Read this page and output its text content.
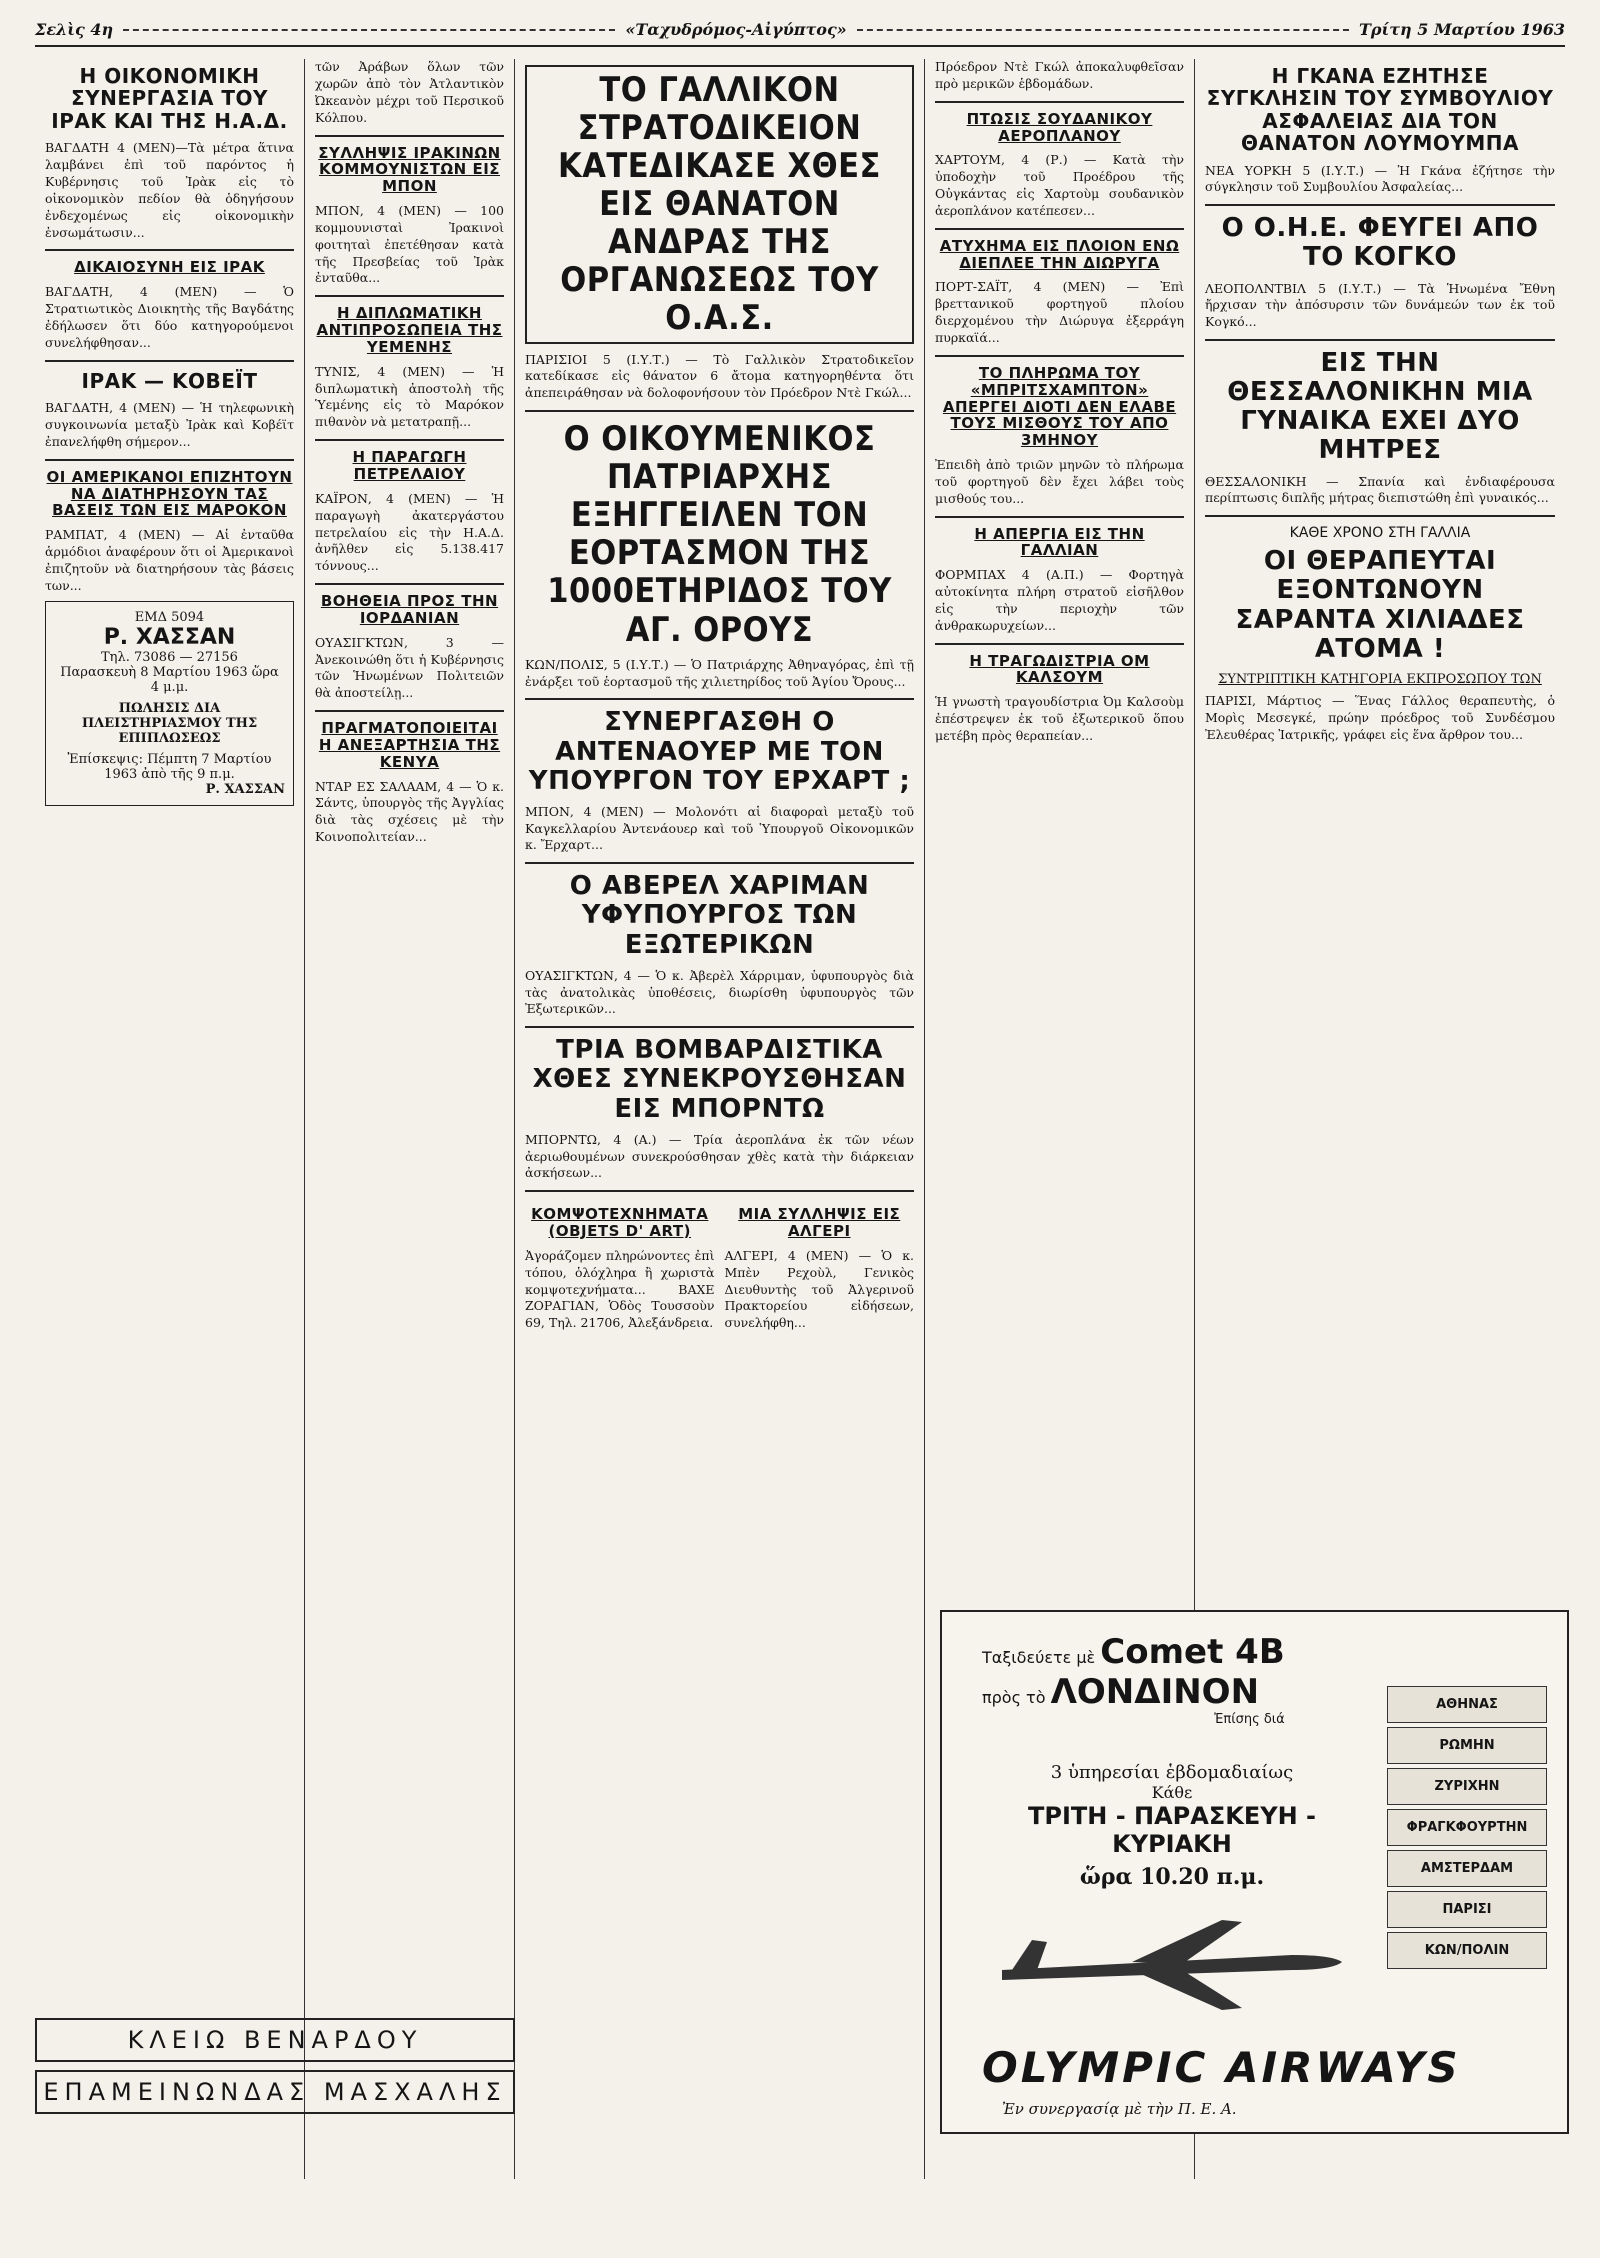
Σελὶς 4η	«Ταχυδρόμος-Αἰγύπτος»	Τρίτη 5 Μαρτίου 1963
Η ΟΙΚΟΝΟΜΙΚΗ ΣΥΝΕΡΓΑΣΙΑ ΤΟΥ ΙΡΑΚ ΚΑΙ ΤΗΣ Η.Α.Δ.

ΒΑΓΔΑΤΗ 4 (ΜΕΝ)—Τὰ μέτρα ἅτινα λαμβάνει ἐπὶ τοῦ παρόντος ἡ Κυβέρνησις τοῦ Ἰρὰκ εἰς τὸ οἰκονομικὸν πεδίον θὰ ὁδηγήσουν ἐνδεχομένως εἰς οἰκονομικὴν ἐνσωμάτωσιν...

ΔΙΚΑΙΟΣΥΝΗ ΕΙΣ ΙΡΑΚ

ΒΑΓΔΑΤΗ, 4 (ΜΕΝ) — Ὁ Στρατιωτικὸς Διοικητὴς τῆς Βαγδάτης ἐδήλωσεν ὅτι δύο κατηγορούμενοι συνελήφθησαν...

ΙΡΑΚ — ΚΟΒΕΪΤ

ΒΑΓΔΑΤΗ, 4 (ΜΕΝ) — Ἡ τηλεφωνικὴ συγκοινωνία μεταξὺ Ἰρὰκ καὶ Κοβέϊτ ἐπανελήφθη σήμερον...

ΟΙ ΑΜΕΡΙΚΑΝΟΙ ΕΠΙΖΗΤΟΥΝ ΝΑ ΔΙΑΤΗΡΗΣΟΥΝ ΤΑΣ ΒΑΣΕΙΣ ΤΩΝ ΕΙΣ ΜΑΡΟΚΟΝ

ΡΑΜΠΑΤ, 4 (ΜΕΝ) — Αἱ ἐνταῦθα ἁρμόδιοι ἀναφέρουν ὅτι οἱ Ἀμερικανοὶ ἐπιζητοῦν νὰ διατηρήσουν τὰς βάσεις των...

ΕΜΔ 5094
Ρ. ΧΑΣΣΑΝ
Τηλ. 73086 — 27156
Παρασκευὴ 8 Μαρτίου 1963 ὥρα 4 μ.μ.
ΠΩΛΗΣΙΣ ΔΙΑ ΠΛΕΙΣΤΗΡΙΑΣΜΟΥ ΤΗΣ ΕΠΙΠΛΩΣΕΩΣ
Ἐπίσκεψις: Πέμπτη 7 Μαρτίου 1963 ἀπὸ τῆς 9 π.μ.
Ρ. ΧΑΣΣΑΝ

τῶν Ἀράβων ὅλων τῶν χωρῶν ἀπὸ τὸν Ἀτλαντικὸν Ὠκεανὸν μέχρι τοῦ Περσικοῦ Κόλπου.

ΣΥΛΛΗΨΙΣ ΙΡΑΚΙΝΩΝ ΚΟΜΜΟΥΝΙΣΤΩΝ ΕΙΣ ΜΠΟΝ

ΜΠΟΝ, 4 (ΜΕΝ) — 100 κομμουνισταὶ Ἰρακινοὶ φοιτηταὶ ἐπετέθησαν κατὰ τῆς Πρεσβείας τοῦ Ἰρὰκ ἐνταῦθα...

Η ΔΙΠΛΩΜΑΤΙΚΗ ΑΝΤΙΠΡΟΣΩΠΕΙΑ ΤΗΣ ΥΕΜΕΝΗΣ

ΤΥΝΙΣ, 4 (ΜΕΝ) — Ἡ διπλωματικὴ ἀποστολὴ τῆς Ὑεμένης εἰς τὸ Μαρόκον πιθανὸν νὰ μετατραπῇ...

Η ΠΑΡΑΓΩΓΗ ΠΕΤΡΕΛΑΙΟΥ

ΚΑΪΡΟΝ, 4 (ΜΕΝ) — Ἡ παραγωγὴ ἀκατεργάστου πετρελαίου εἰς τὴν Η.Α.Δ. ἀνῆλθεν εἰς 5.138.417 τόννους...

ΒΟΗΘΕΙΑ ΠΡΟΣ ΤΗΝ ΙΟΡΔΑΝΙΑΝ

ΟΥΑΣΙΓΚΤΩΝ, 3 — Ἀνεκοινώθη ὅτι ἡ Κυβέρνησις τῶν Ἡνωμένων Πολιτειῶν θὰ ἀποστείλῃ...

ΠΡΑΓΜΑΤΟΠΟΙΕΙΤΑΙ Η ΑΝΕΞΑΡΤΗΣΙΑ ΤΗΣ ΚΕΝΥΑ

ΝΤΑΡ ΕΣ ΣΑΛΑΑΜ, 4 — Ὁ κ. Σάντς, ὑπουργὸς τῆς Ἀγγλίας διὰ τὰς σχέσεις μὲ τὴν Κοινοπολιτείαν...

ΤΟ ΓΑΛΛΙΚΟΝ ΣΤΡΑΤΟΔΙΚΕΙΟΝ ΚΑΤΕΔΙΚΑΣΕ ΧΘΕΣ ΕΙΣ ΘΑΝΑΤΟΝ ΑΝΔΡΑΣ ΤΗΣ ΟΡΓΑΝΩΣΕΩΣ ΤΟΥ Ο.Α.Σ.

ΠΑΡΙΣΙΟΙ 5 (Ι.Υ.Τ.) — Τὸ Γαλλικὸν Στρατοδικεῖον κατεδίκασε εἰς θάνατον 6 ἄτομα κατηγορηθέντα ὅτι ἀπεπειράθησαν νὰ δολοφονήσουν τὸν Πρόεδρον Ντὲ Γκώλ...

Ο ΟΙΚΟΥΜΕΝΙΚΟΣ ΠΑΤΡΙΑΡΧΗΣ ΕΞΗΓΓΕΙΛΕΝ ΤΟΝ ΕΟΡΤΑΣΜΟΝ ΤΗΣ 1000ΕΤΗΡΙΔΟΣ ΤΟΥ ΑΓ. ΟΡΟΥΣ

ΚΩΝ/ΠΟΛΙΣ, 5 (Ι.Υ.Τ.) — Ὁ Πατριάρχης Ἀθηναγόρας, ἐπὶ τῇ ἐνάρξει τοῦ ἑορτασμοῦ τῆς χιλιετηρίδος τοῦ Ἁγίου Ὄρους...

ΣΥΝΕΡΓΑΣΘΗ Ο ΑΝΤΕΝΑΟΥΕΡ ΜΕ ΤΟΝ ΥΠΟΥΡΓΟΝ ΤΟΥ ΕΡΧΑΡΤ ;

ΜΠΟΝ, 4 (ΜΕΝ) — Μολονότι αἱ διαφοραὶ μεταξὺ τοῦ Καγκελλαρίου Ἀντενάουερ καὶ τοῦ Ὑπουργοῦ Οἰκονομικῶν κ. Ἔρχαρτ...

Ο ΑΒΕΡΕΛ ΧΑΡΙΜΑΝ ΥΦΥΠΟΥΡΓΟΣ ΤΩΝ ΕΞΩΤΕΡΙΚΩΝ

ΟΥΑΣΙΓΚΤΩΝ, 4 — Ὁ κ. Ἀβερὲλ Χάρριμαν, ὑφυπουργὸς διὰ τὰς ἀνατολικὰς ὑποθέσεις, διωρίσθη ὑφυπουργὸς τῶν Ἐξωτερικῶν...

ΤΡΙΑ ΒΟΜΒΑΡΔΙΣΤΙΚΑ ΧΘΕΣ ΣΥΝΕΚΡΟΥΣΘΗΣΑΝ ΕΙΣ ΜΠΟΡΝΤΩ

ΜΠΟΡΝΤΩ, 4 (Α.) — Τρία ἀεροπλάνα ἐκ τῶν νέων ἀεριωθουμένων συνεκρούσθησαν χθὲς κατὰ τὴν διάρκειαν ἀσκήσεων...

ΚΟΜΨΟΤΕΧΝΗΜΑΤΑ (OBJETS D' ART)

Ἀγοράζομεν πληρώνοντες ἐπὶ τόπου, ὁλόχληρα ἢ χωριστὰ κομψοτεχνήματα... ΒΑΧΕ ΖΟΡΑΓΙΑΝ, Ὁδὸς Τουσσοὺν 69, Τηλ. 21706, Ἀλεξάνδρεια.

ΜΙΑ ΣΥΛΛΗΨΙΣ ΕΙΣ ΑΛΓΕΡΙ

ΑΛΓΕΡΙ, 4 (ΜΕΝ) — Ὁ κ. Μπὲν Ρεχοὺλ, Γενικὸς Διευθυντὴς τοῦ Ἀλγερινοῦ Πρακτορείου εἰδήσεων, συνελήφθη...

Πρόεδρον Ντὲ Γκώλ ἀποκαλυφθεῖσαν πρὸ μερικῶν ἑβδομάδων.

ΠΤΩΣΙΣ ΣΟΥΔΑΝΙΚΟΥ ΑΕΡΟΠΛΑΝΟΥ

ΧΑΡΤΟΥΜ, 4 (Ρ.) — Κατὰ τὴν ὑποδοχὴν τοῦ Προέδρου τῆς Οὐγκάντας εἰς Χαρτοὺμ σουδανικὸν ἀεροπλάνον κατέπεσεν...

ΑΤΥΧΗΜΑ ΕΙΣ ΠΛΟΙΟΝ ΕΝΩ ΔΙΕΠΛΕΕ ΤΗΝ ΔΙΩΡΥΓΑ

ΠΟΡΤ-ΣΑΪΤ, 4 (ΜΕΝ) — Ἐπὶ βρεττανικοῦ φορτηγοῦ πλοίου διερχομένου τὴν Διώρυγα ἐξερράγη πυρκαϊά...

ΤΟ ΠΛΗΡΩΜΑ ΤΟΥ «ΜΠΡΙΤΣΧΑΜΠΤΟΝ» ΑΠΕΡΓΕΙ ΔΙΟΤΙ ΔΕΝ ΕΛΑΒΕ ΤΟΥΣ ΜΙΣΘΟΥΣ ΤΟΥ ΑΠΟ 3ΜΗΝΟΥ

Ἐπειδὴ ἀπὸ τριῶν μηνῶν τὸ πλήρωμα τοῦ φορτηγοῦ δὲν ἔχει λάβει τοὺς μισθούς του...

Η ΑΠΕΡΓΙΑ ΕΙΣ ΤΗΝ ΓΑΛΛΙΑΝ

ΦΟΡΜΠΑΧ 4 (Α.Π.) — Φορτηγὰ αὐτοκίνητα πλήρη στρατοῦ εἰσῆλθον εἰς τὴν περιοχὴν τῶν ἀνθρακωρυχείων...

Η ΤΡΑΓΩΔΙΣΤΡΙΑ ΟΜ ΚΑΛΣΟΥΜ

Ἡ γνωστὴ τραγουδίστρια Ὀμ Καλσοὺμ ἐπέστρεψεν ἐκ τοῦ ἐξωτερικοῦ ὅπου μετέβη πρὸς θεραπείαν...

Η ΓΚΑΝΑ ΕΖΗΤΗΣΕ ΣΥΓΚΛΗΣΙΝ ΤΟΥ ΣΥΜΒΟΥΛΙΟΥ ΑΣΦΑΛΕΙΑΣ ΔΙΑ ΤΟΝ ΘΑΝΑΤΟΝ ΛΟΥΜΟΥΜΠΑ

ΝΕΑ ΥΟΡΚΗ 5 (Ι.Υ.Τ.) — Ἡ Γκάνα ἐζήτησε τὴν σύγκλησιν τοῦ Συμβουλίου Ἀσφαλείας...

Ο Ο.Η.Ε. ΦΕΥΓΕΙ ΑΠΟ ΤΟ ΚΟΓΚΟ

ΛΕΟΠΟΛΝΤΒΙΛ 5 (Ι.Υ.Τ.) — Τὰ Ἡνωμένα Ἔθνη ἤρχισαν τὴν ἀπόσυρσιν τῶν δυνάμεών των ἐκ τοῦ Κογκό...

ΕΙΣ ΤΗΝ ΘΕΣΣΑΛΟΝΙΚΗΝ ΜΙΑ ΓΥΝΑΙΚΑ ΕΧΕΙ ΔΥΟ ΜΗΤΡΕΣ

ΘΕΣΣΑΛΟΝΙΚΗ — Σπανία καὶ ἐνδιαφέρουσα περίπτωσις διπλῆς μήτρας διεπιστώθη ἐπὶ γυναικός...

ΚΑΘΕ ΧΡΟΝΟ ΣΤΗ ΓΑΛΛΙΑ
ΟΙ ΘΕΡΑΠΕΥΤΑΙ ΕΞΟΝΤΩΝΟΥΝ ΣΑΡΑΝΤΑ ΧΙΛΙΑΔΕΣ ΑΤΟΜΑ !
ΣΥΝΤΡΙΠΤΙΚΗ ΚΑΤΗΓΟΡΙΑ ΕΚΠΡΟΣΩΠΟΥ ΤΩΝ

ΠΑΡΙΣΙ, Μάρτιος — Ἕνας Γάλλος θεραπευτὴς, ὁ Μορὶς Μεσεγκέ, πρώην πρόεδρος τοῦ Συνδέσμου Ἐλευθέρας Ἰατρικῆς, γράφει εἰς ἕνα ἄρθρον του...

ΚΛΕΙΩ ΒΕΝΑΡΔΟΥ
ΕΠΑΜΕΙΝΩΝΔΑΣ ΜΑΣΧΑΛΗΣ
Ταξιδεύετε μὲ Comet 4B
πρὸς τὸ ΛΟΝΔΙΝΟΝ
Ἐπίσης διά
3 ὑπηρεσίαι ἑβδομαδιαίως
Κάθε
ΤΡΙΤΗ - ΠΑΡΑΣΚΕΥΗ - ΚΥΡΙΑΚΗ
ὥρα 10.20 π.μ.
ΑΘΗΝΑΣ
ΡΩΜΗΝ
ΖΥΡΙΧΗΝ
ΦΡΑΓΚΦΟΥΡΤΗΝ
ΑΜΣΤΕΡΔΑΜ
ΠΑΡΙΣΙ
ΚΩΝ/ΠΟΛΙΝ
OLYMPIC AIRWAYS
Ἐν συνεργασίᾳ μὲ τὴν Π. Ε. Α.
